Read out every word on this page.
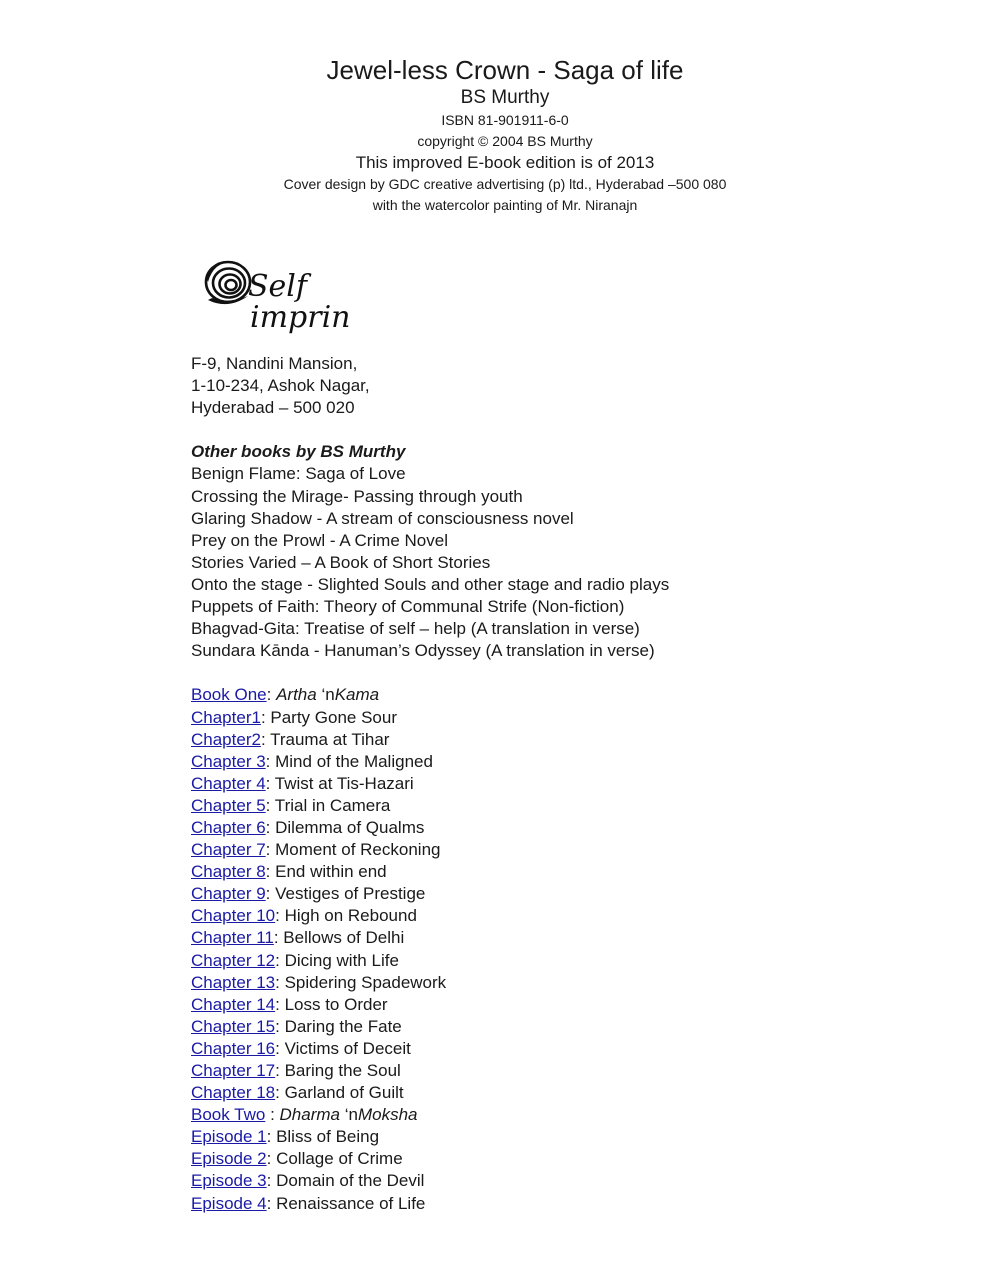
Jewel-less Crown - Saga of life
BS Murthy
ISBN 81-901911-6-0
copyright © 2004 BS Murthy
This improved E-book edition is of 2013
Cover design by GDC creative advertising (p) ltd., Hyderabad –500 080
with the watercolor painting of Mr. Niranajn
Self
imprint
F-9, Nandini Mansion,
1-10-234, Ashok Nagar,
Hyderabad – 500 020
Other books by BS Murthy
Benign Flame: Saga of Love
Crossing the Mirage- Passing through youth
Glaring Shadow - A stream of consciousness novel
Prey on the Prowl - A Crime Novel
Stories Varied – A Book of Short Stories
Onto the stage - Slighted Souls and other stage and radio plays
Puppets of Faith: Theory of Communal Strife (Non-fiction)
Bhagvad-Gita: Treatise of self – help (A translation in verse)
Sundara Kānda - Hanuman’s Odyssey (A translation in verse)
Book One: Artha ‘nKama
Chapter1: Party Gone Sour
Chapter2: Trauma at Tihar
Chapter 3: Mind of the Maligned
Chapter 4: Twist at Tis-Hazari
Chapter 5: Trial in Camera
Chapter 6: Dilemma of Qualms
Chapter 7: Moment of Reckoning
Chapter 8: End within end
Chapter 9: Vestiges of Prestige
Chapter 10: High on Rebound
Chapter 11: Bellows of Delhi
Chapter 12: Dicing with Life
Chapter 13: Spidering Spadework
Chapter 14: Loss to Order
Chapter 15: Daring the Fate
Chapter 16: Victims of Deceit
Chapter 17: Baring the Soul
Chapter 18: Garland of Guilt
Book Two : Dharma ‘nMoksha
Episode 1: Bliss of Being
Episode 2: Collage of Crime
Episode 3: Domain of the Devil
Episode 4: Renaissance of Life
